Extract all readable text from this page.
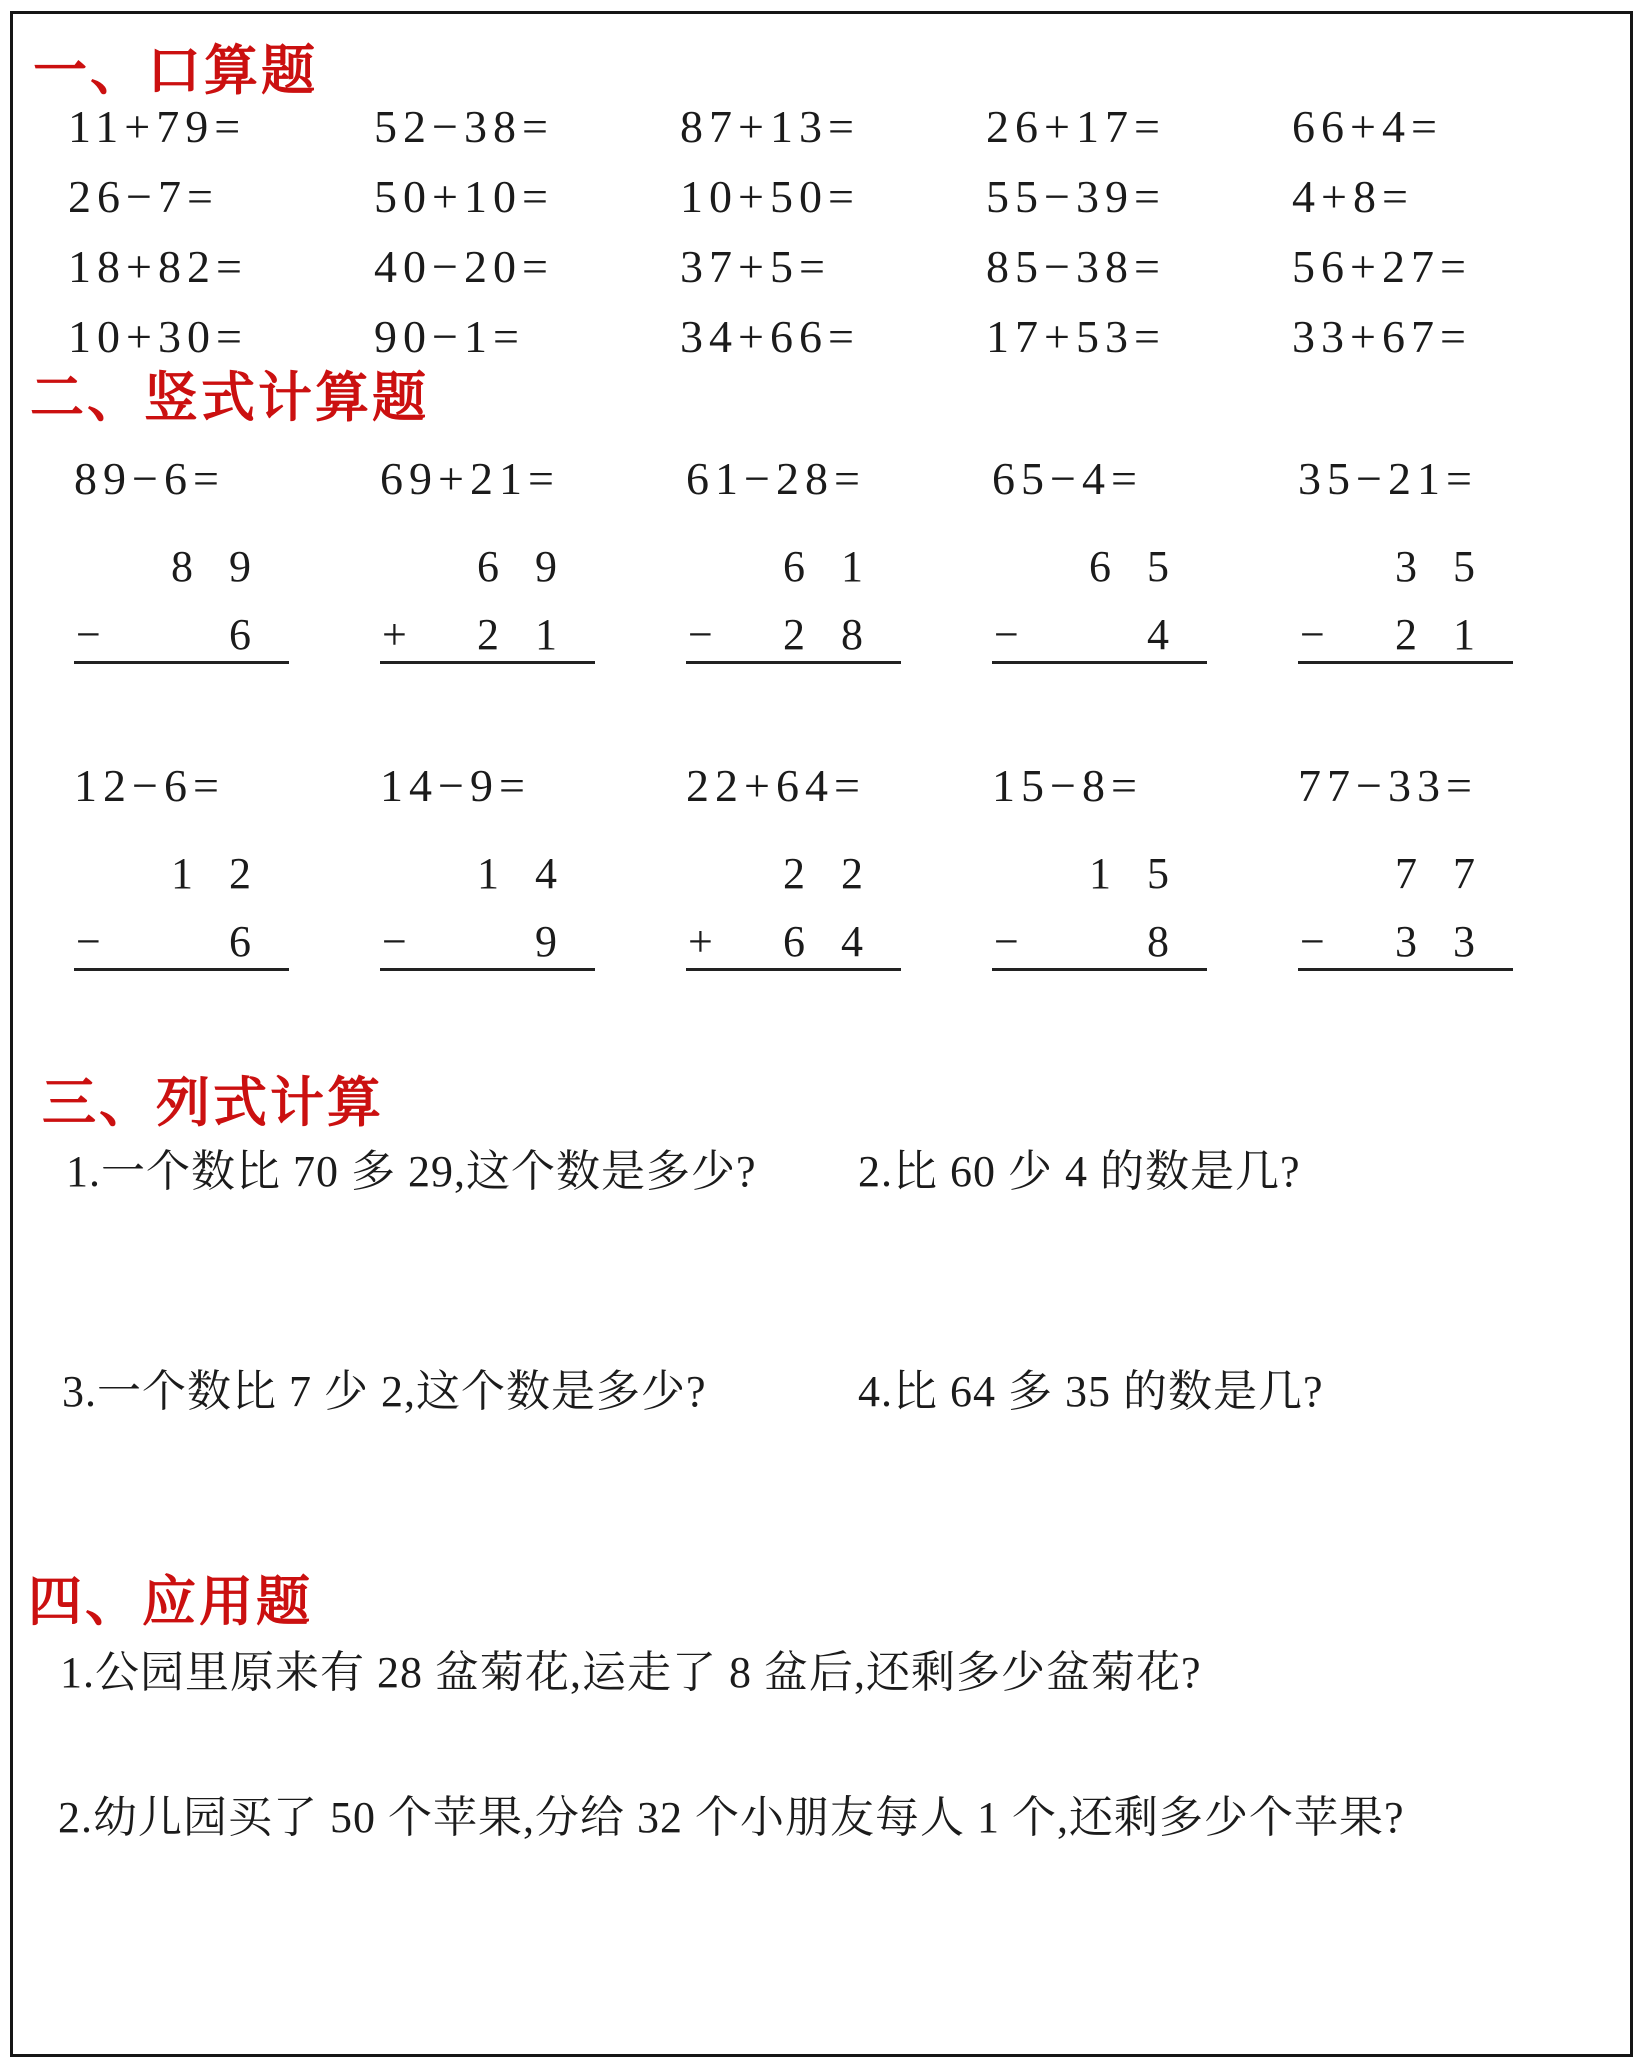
一、口算题
11+79=	52−38=	87+13=	26+17=	66+4=
26−7=	50+10=	10+50=	55−39=	4+8=
18+82=	40−20=	37+5=	85−38=	56+27=
10+30=	90−1=	34+66=	17+53=	33+67=
二、竖式计算题
89−6=
8 9
−	6
69+21=
6 9
+	2 1
61−28=
6 1
−	2 8
65−4=
6 5
−	4
35−21=
3 5
−	2 1
12−6=
1 2
−	6
14−9=
1 4
−	9
22+64=
2 2
+	6 4
15−8=
1 5
−	8
77−33=
7 7
−	3 3
三、列式计算

1.一个数比 70 多 29,这个数是多少? 2.比 60 少 4 的数是几?

3.一个数比 7 少 2,这个数是多少?	4.比 64 多 35 的数是几?

四、应用题

1.公园里原来有 28 盆菊花,运走了 8 盆后,还剩多少盆菊花?

2.幼儿园买了 50 个苹果,分给 32 个小朋友每人 1 个,还剩多少个苹果?
